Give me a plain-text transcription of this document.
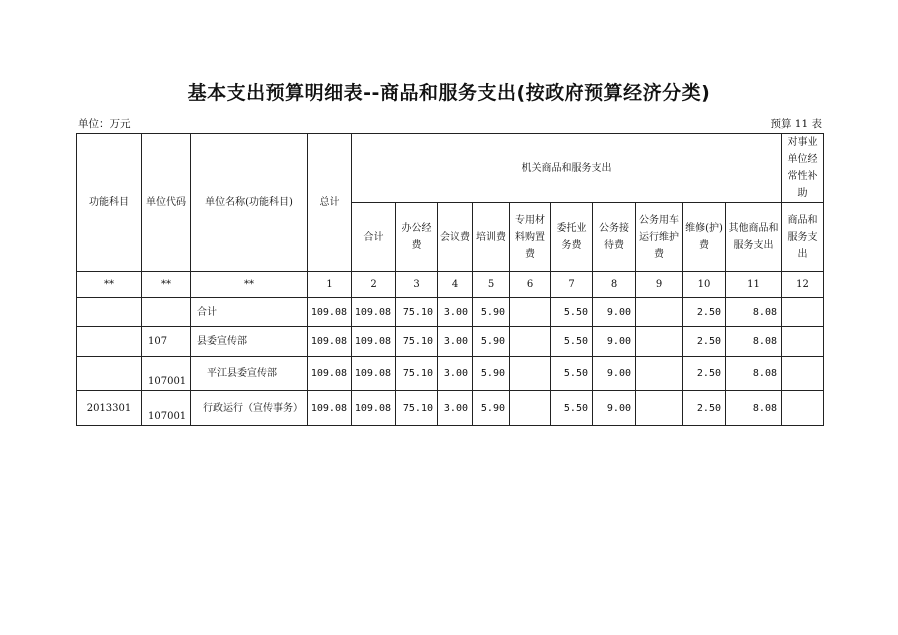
基本支出预算明细表--商品和服务支出(按政府预算经济分类)
单位：万元	预算 11 表
功能科目	单位代码	单位名称(功能科目)	总计	机关商品和服务支出										对事业单位经常性补助
				合计	办公经费	会议费	培训费	专用材料购置费	委托业务费	公务接待费	公务用车运行维护费	维修(护)费	其他商品和服务支出	商品和服务支出
**	**	**	1	2	3	4	5	6	7	8	9	10	11	12
		合计	109.08	109.08	75.10	3.00	5.90		5.50	9.00		2.50	8.08	
	107	县委宣传部	109.08	109.08	75.10	3.00	5.90		5.50	9.00		2.50	8.08	
	107001	平江县委宣传部	109.08	109.08	75.10	3.00	5.90		5.50	9.00		2.50	8.08	
2013301	107001	行政运行（宣传事务）	109.08	109.08	75.10	3.00	5.90		5.50	9.00		2.50	8.08	
